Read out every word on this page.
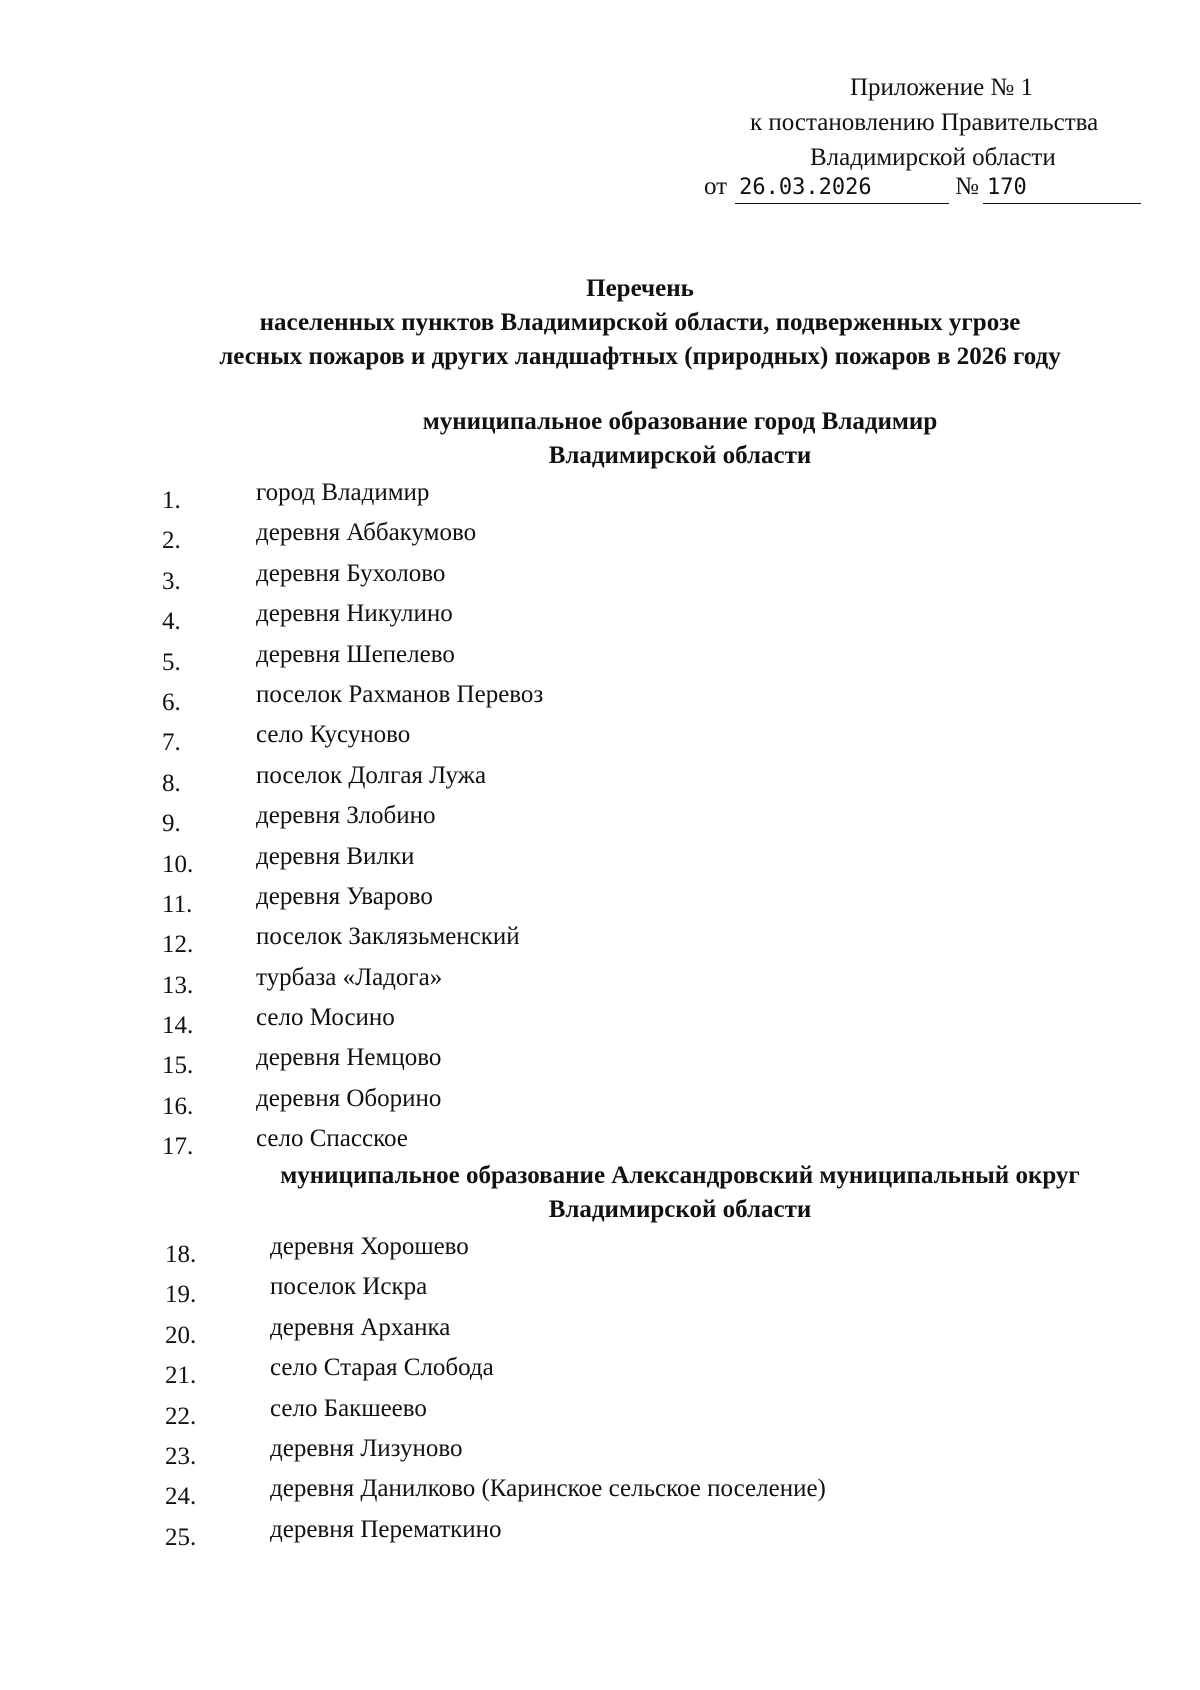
Приложение № 1
к постановлению Правительства
Владимирской области
от 26.03.2026	№ 170
Перечень
населенных пунктов Владимирской области, подверженных угрозе
лесных пожаров и других ландшафтных (природных) пожаров в 2026 году
муниципальное образование город Владимир
Владимирской области
1.	город Владимир
2.	деревня Аббакумово
3.	деревня Бухолово
4.	деревня Никулино
5.	деревня Шепелево
6.	поселок Рахманов Перевоз
7.	село Кусуново
8.	поселок Долгая Лужа
9.	деревня Злобино
10.	деревня Вилки
11.	деревня Уварово
12.	поселок Заклязьменский
13.	турбаза «Ладога»
14.	село Мосино
15.	деревня Немцово
16.	деревня Оборино
17.	село Спасское
муниципальное образование Александровский муниципальный округ
Владимирской области
18.	деревня Хорошево
19.	поселок Искра
20.	деревня Арханка
21.	село Старая Слобода
22.	село Бакшеево
23.	деревня Лизуново
24.	деревня Данилково (Каринское сельское поселение)
25.	деревня Перематкино
